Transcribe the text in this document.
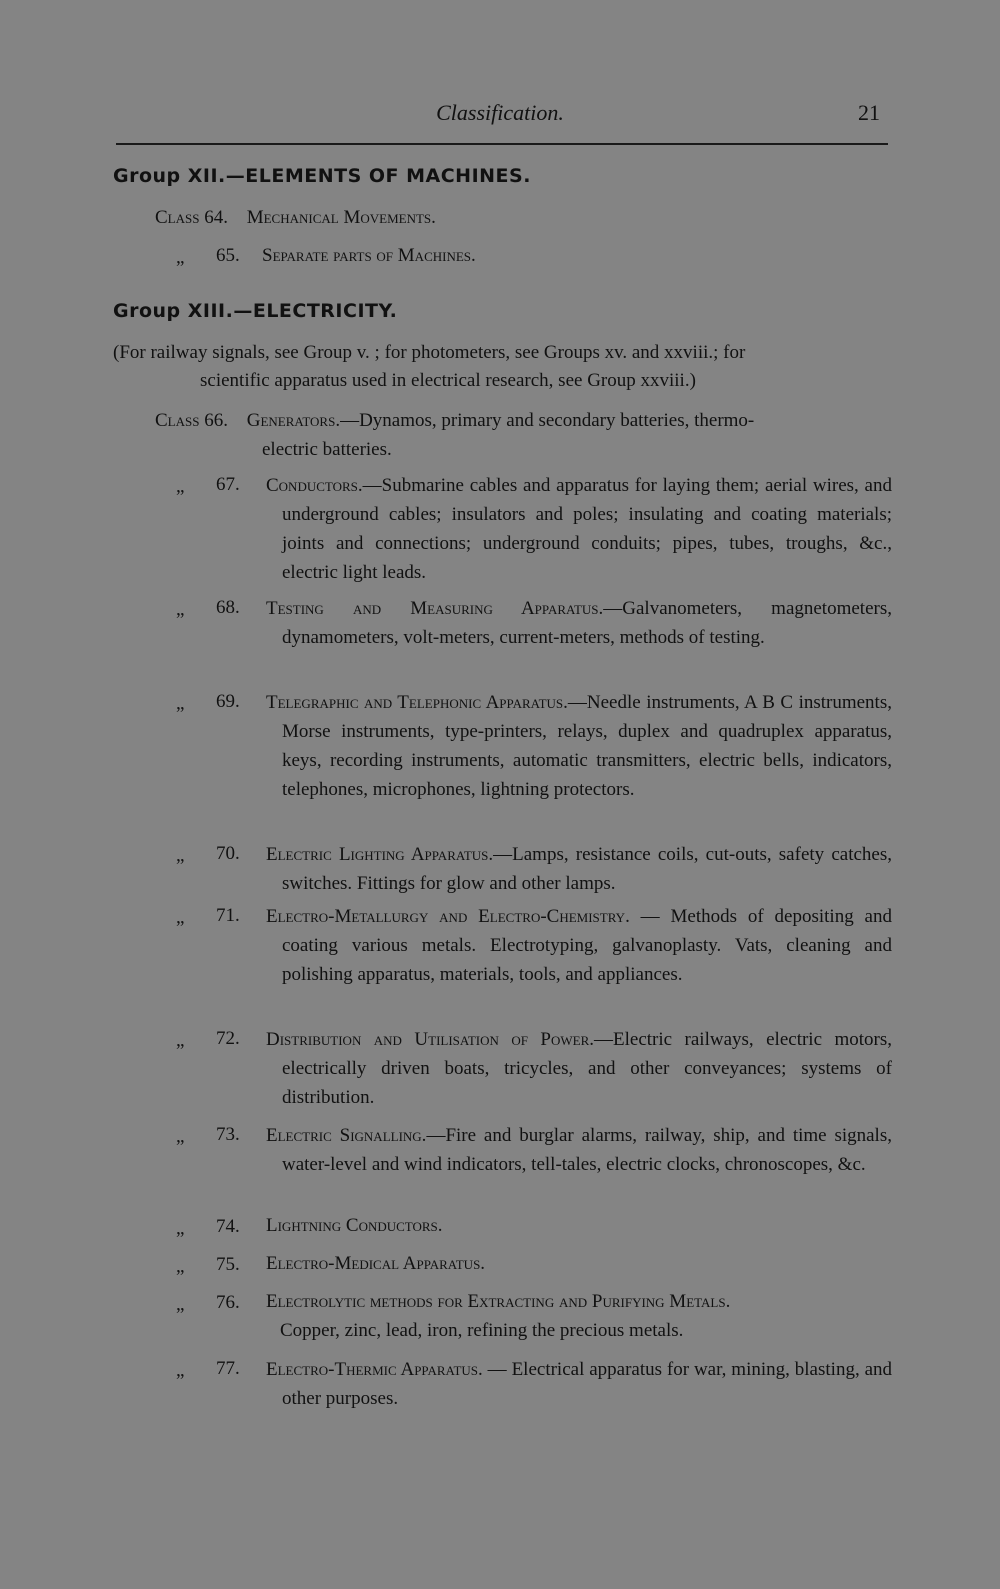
Classification.	21
Group XII.—ELEMENTS OF MACHINES.
Class 64. Mechanical Movements.
„ 65. Separate parts of Machines.
Group XIII.—ELECTRICITY.
(For railway signals, see Group v. ; for photometers, see Groups xv. and xxviii.; for
scientific apparatus used in electrical research, see Group xxviii.)
Class 66. Generators.—Dynamos, primary and secondary batteries, thermo-
electric batteries.
„ 67. Conductors.—Submarine cables and apparatus for laying them; aerial wires, and underground cables; insulators and poles; insulating and coating materials; joints and connections; underground conduits; pipes, tubes, troughs, &c., electric light leads.
„ 68. Testing and Measuring Apparatus.—Galvanometers, magnetometers, dynamometers, volt-meters, current-meters, methods of testing.
„ 69. Telegraphic and Telephonic Apparatus.—Needle instruments, A B C instruments, Morse instruments, type-printers, relays, duplex and quadruplex apparatus, keys, recording instruments, automatic transmitters, electric bells, indicators, telephones, microphones, lightning protectors.
„ 70. Electric Lighting Apparatus.—Lamps, resistance coils, cut-outs, safety catches, switches. Fittings for glow and other lamps.
„ 71. Electro-Metallurgy and Electro-Chemistry. — Methods of depositing and coating various metals. Electrotyping, galvanoplasty. Vats, cleaning and polishing apparatus, materials, tools, and appliances.
„ 72. Distribution and Utilisation of Power.—Electric railways, electric motors, electrically driven boats, tricycles, and other conveyances; systems of distribution.
„ 73. Electric Signalling.—Fire and burglar alarms, railway, ship, and time signals, water-level and wind indicators, tell-tales, electric clocks, chronoscopes, &c.
„ 74. Lightning Conductors.
„ 75. Electro-Medical Apparatus.
„ 76. Electrolytic methods for Extracting and Purifying Metals.
Copper, zinc, lead, iron, refining the precious metals.
„ 77. Electro-Thermic Apparatus. — Electrical apparatus for war, mining, blasting, and other purposes.
